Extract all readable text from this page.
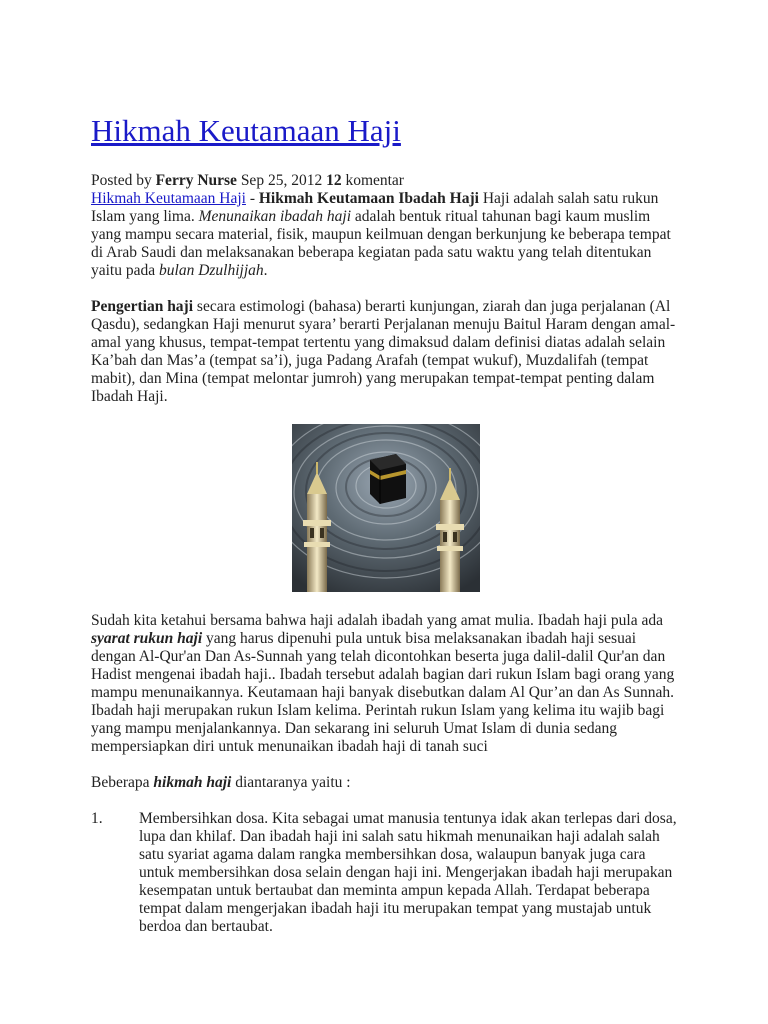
Hikmah Keutamaan Haji

Posted by Ferry Nurse Sep 25, 2012 12 komentar

Hikmah Keutamaan Haji - Hikmah Keutamaan Ibadah Haji Haji adalah salah satu rukun Islam yang lima. Menunaikan ibadah haji adalah bentuk ritual tahunan bagi kaum muslim yang mampu secara material, fisik, maupun keilmuan dengan berkunjung ke beberapa tempat di Arab Saudi dan melaksanakan beberapa kegiatan pada satu waktu yang telah ditentukan yaitu pada bulan Dzulhijjah.

Pengertian haji secara estimologi (bahasa) berarti kunjungan, ziarah dan juga perjalanan (Al Qasdu), sedangkan Haji menurut syara’ berarti Perjalanan menuju Baitul Haram dengan amal-amal yang khusus, tempat-tempat tertentu yang dimaksud dalam definisi diatas adalah selain Ka’bah dan Mas’a (tempat sa’i), juga Padang Arafah (tempat wukuf), Muzdalifah (tempat mabit), dan Mina (tempat melontar jumroh) yang merupakan tempat-tempat penting dalam Ibadah Haji.

Sudah kita ketahui bersama bahwa haji adalah ibadah yang amat mulia. Ibadah haji pula ada syarat rukun haji yang harus dipenuhi pula untuk bisa melaksanakan ibadah haji sesuai dengan Al-Qur'an Dan As-Sunnah yang telah dicontohkan beserta juga dalil-dalil Qur'an dan Hadist mengenai ibadah haji.. Ibadah tersebut adalah bagian dari rukun Islam bagi orang yang mampu menunaikannya. Keutamaan haji banyak disebutkan dalam Al Qur’an dan As Sunnah. Ibadah haji merupakan rukun Islam kelima. Perintah rukun Islam yang kelima itu wajib bagi yang mampu menjalankannya. Dan sekarang ini seluruh Umat Islam di dunia sedang mempersiapkan diri untuk menunaikan ibadah haji di tanah suci

Beberapa hikmah haji diantaranya yaitu :

1. Membersihkan dosa. Kita sebagai umat manusia tentunya idak akan terlepas dari dosa, lupa dan khilaf. Dan ibadah haji ini salah satu hikmah menunaikan haji adalah salah satu syariat agama dalam rangka membersihkan dosa, walaupun banyak juga cara untuk membersihkan dosa selain dengan haji ini. Mengerjakan ibadah haji merupakan kesempatan untuk bertaubat dan meminta ampun kepada Allah. Terdapat beberapa tempat dalam mengerjakan ibadah haji itu merupakan tempat yang mustajab untuk berdoa dan bertaubat.
